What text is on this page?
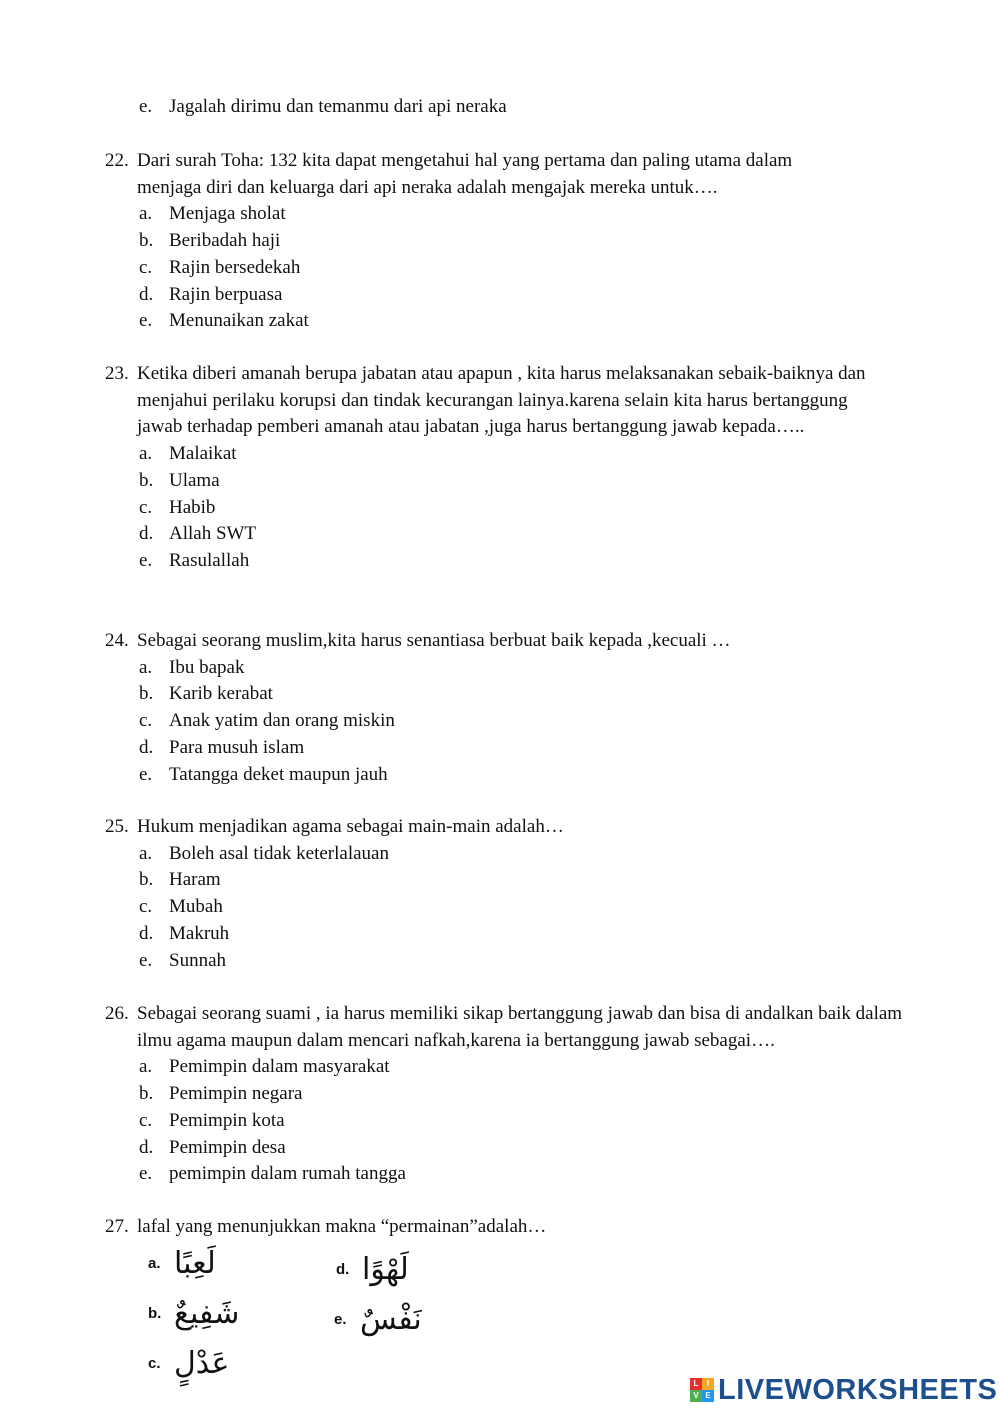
e. Jagalah dirimu dan temanmu dari api neraka
22. Dari surah Toha: 132 kita dapat mengetahui hal yang pertama dan paling utama dalam menjaga diri dan keluarga dari api neraka adalah mengajak mereka untuk….
a. Menjaga sholat
b. Beribadah haji
c. Rajin bersedekah
d. Rajin berpuasa
e. Menunaikan zakat
23. Ketika diberi amanah berupa jabatan atau apapun , kita harus melaksanakan sebaik-baiknya dan menjahui perilaku korupsi dan tindak kecurangan lainya.karena selain kita harus bertanggung jawab terhadap pemberi amanah atau jabatan ,juga harus bertanggung jawab kepada…..
a. Malaikat
b. Ulama
c. Habib
d. Allah SWT
e. Rasulallah
24. Sebagai seorang muslim,kita harus senantiasa berbuat baik kepada ,kecuali …
a. Ibu bapak
b. Karib kerabat
c. Anak yatim dan orang miskin
d. Para musuh islam
e. Tatangga deket maupun jauh
25. Hukum menjadikan agama sebagai main-main adalah…
a. Boleh asal tidak keterlalauan
b. Haram
c. Mubah
d. Makruh
e. Sunnah
26. Sebagai seorang suami , ia harus memiliki sikap bertanggung jawab dan bisa di andalkan baik dalam ilmu agama maupun dalam mencari nafkah,karena ia bertanggung jawab sebagai….
a. Pemimpin dalam masyarakat
b. Pemimpin negara
c. Pemimpin kota
d. Pemimpin desa
e. pemimpin dalam rumah tangga
27. lafal yang menunjukkan makna “permainan”adalah…
a. لَعِبًا
b. شَفِيعٌ
c. عَدْلٍ
d. لَهْوًا
e. نَفْسٌ
L	I
V E LIVEWORKSHEETS
